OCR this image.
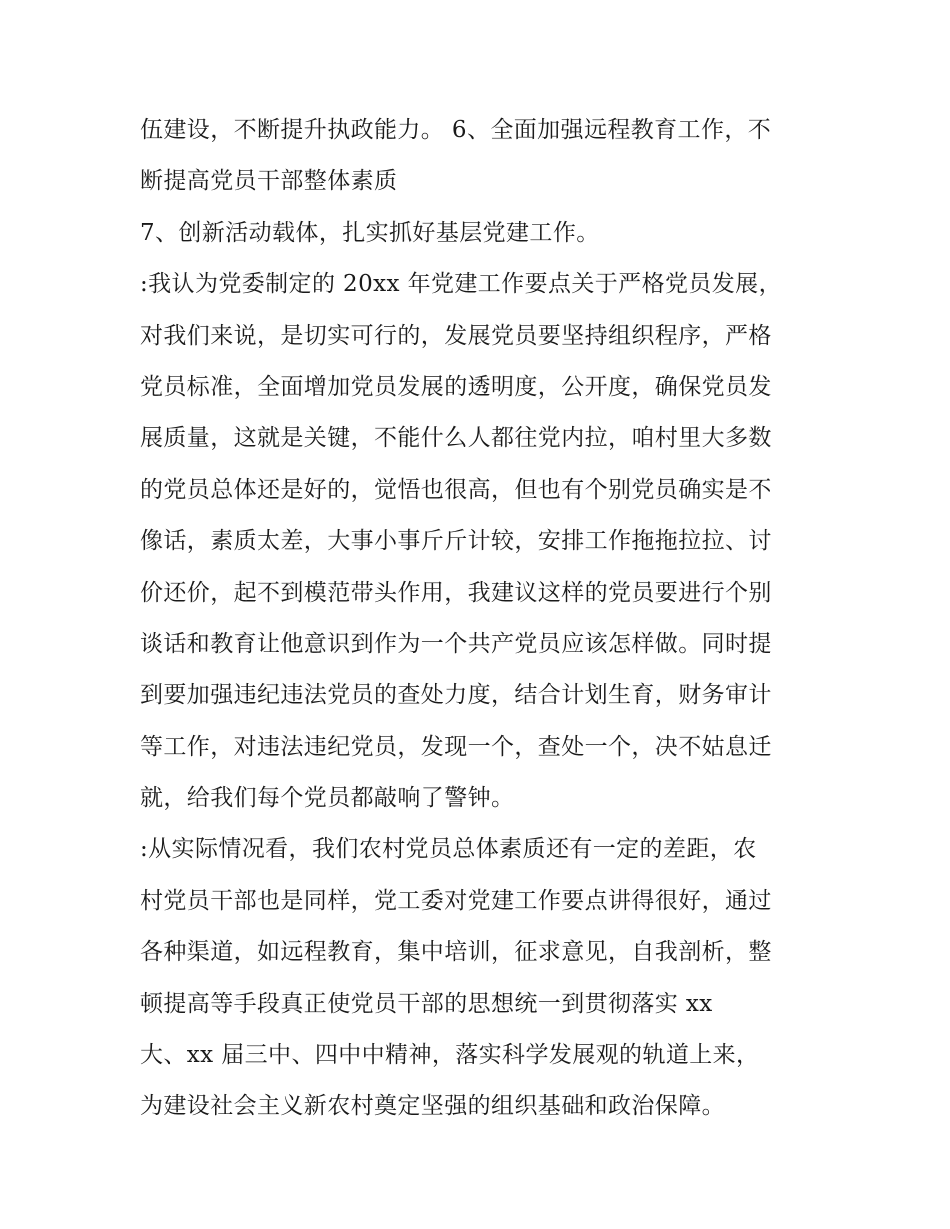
伍建设，不断提升执政能力。 6、全面加强远程教育工作，不
断提高党员干部整体素质
7、创新活动载体，扎实抓好基层党建工作。
:我认为党委制定的 20xx 年党建工作要点关于严格党员发展，
对我们来说，是切实可行的，发展党员要坚持组织程序，严格
党员标准，全面增加党员发展的透明度，公开度，确保党员发
展质量，这就是关键，不能什么人都往党内拉，咱村里大多数
的党员总体还是好的，觉悟也很高，但也有个别党员确实是不
像话，素质太差，大事小事斤斤计较，安排工作拖拖拉拉、讨
价还价，起不到模范带头作用，我建议这样的党员要进行个别
谈话和教育让他意识到作为一个共产党员应该怎样做。同时提
到要加强违纪违法党员的查处力度，结合计划生育，财务审计
等工作，对违法违纪党员，发现一个，查处一个，决不姑息迁
就，给我们每个党员都敲响了警钟。
:从实际情况看，我们农村党员总体素质还有一定的差距，农
村党员干部也是同样，党工委对党建工作要点讲得很好，通过
各种渠道，如远程教育，集中培训，征求意见，自我剖析，整
顿提高等手段真正使党员干部的思想统一到贯彻落实 xx
大、xx 届三中、四中中精神，落实科学发展观的轨道上来，
为建设社会主义新农村奠定坚强的组织基础和政治保障。
